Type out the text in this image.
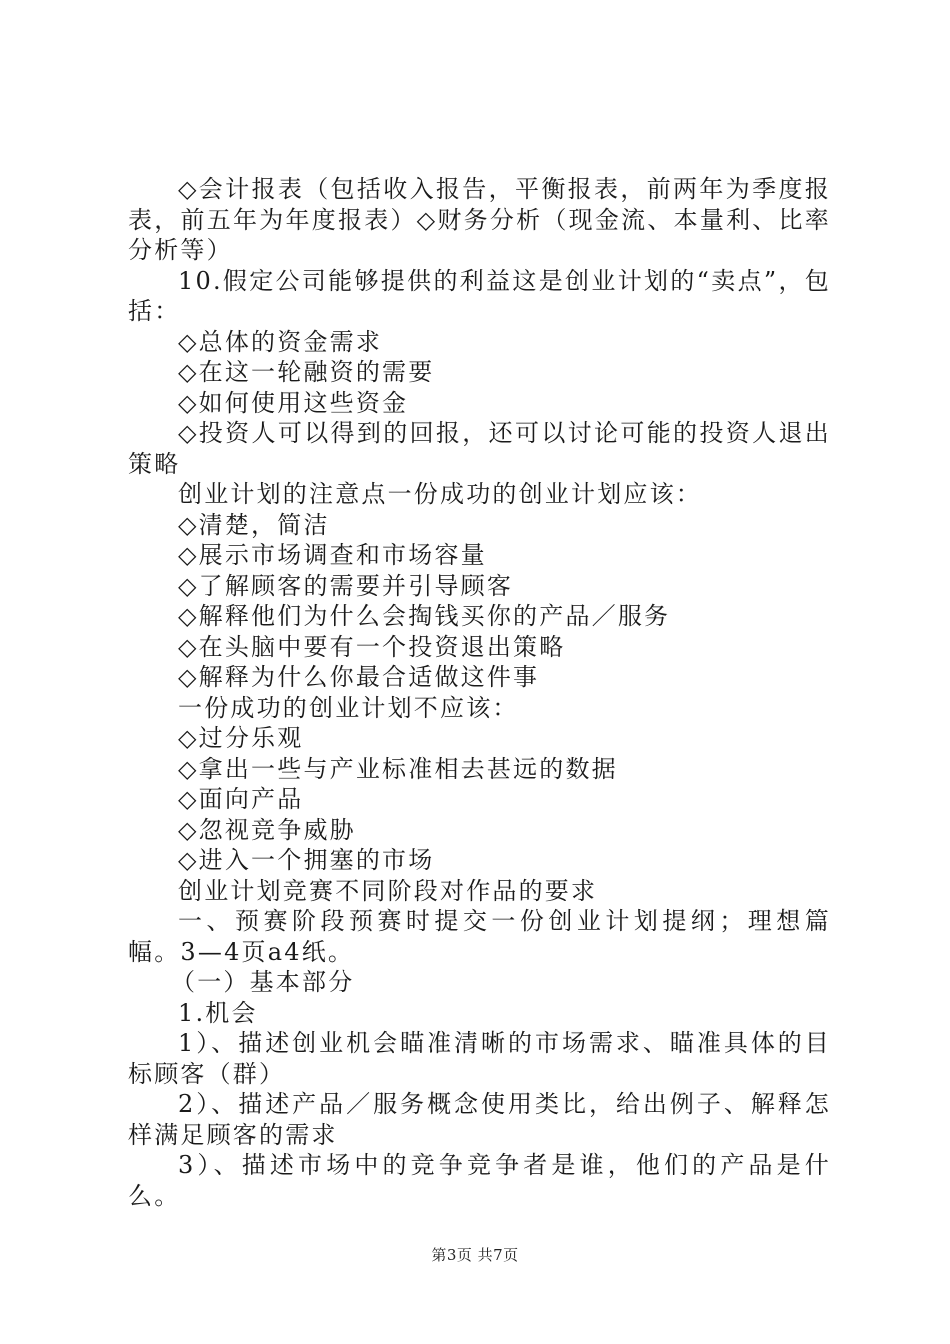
◇会计报表（包括收入报告，平衡报表，前两年为季度报表，前五年为年度报表）◇财务分析（现金流、本量利、比率分析等）

10.假定公司能够提供的利益这是创业计划的“卖点”，包括：

◇总体的资金需求

◇在这一轮融资的需要

◇如何使用这些资金

◇投资人可以得到的回报，还可以讨论可能的投资人退出策略

创业计划的注意点一份成功的创业计划应该：

◇清楚，简洁

◇展示市场调查和市场容量

◇了解顾客的需要并引导顾客

◇解释他们为什么会掏钱买你的产品／服务

◇在头脑中要有一个投资退出策略

◇解释为什么你最合适做这件事

一份成功的创业计划不应该：

◇过分乐观

◇拿出一些与产业标准相去甚远的数据

◇面向产品

◇忽视竞争威胁

◇进入一个拥塞的市场

创业计划竞赛不同阶段对作品的要求

一、预赛阶段预赛时提交一份创业计划提纲；理想篇幅。3—4页a4纸。

（一）基本部分

1.机会

1）、描述创业机会瞄准清晰的市场需求、瞄准具体的目标顾客（群）

2）、描述产品／服务概念使用类比，给出例子、解释怎样满足顾客的需求

3）、描述市场中的竞争竞争者是谁，他们的产品是什么。

第3页 共7页
